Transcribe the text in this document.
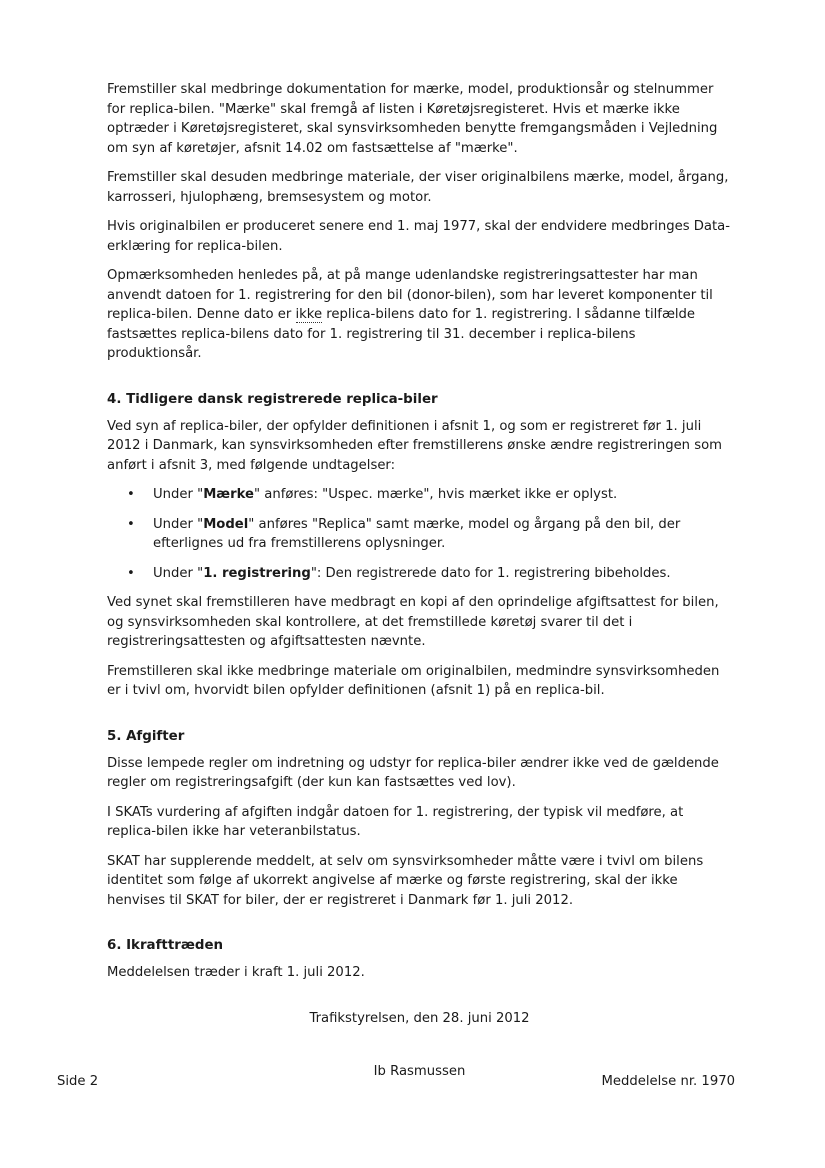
Fremstiller skal medbringe dokumentation for mærke, model, produktionsår og stelnummer for replica-bilen. "Mærke" skal fremgå af listen i Køretøjsregisteret. Hvis et mærke ikke optræder i Køretøjsregisteret, skal synsvirksomheden benytte fremgangsmåden i Vejledning om syn af køretøjer, afsnit 14.02 om fastsættelse af "mærke".

Fremstiller skal desuden medbringe materiale, der viser originalbilens mærke, model, årgang, karrosseri, hjulophæng, bremsesystem og motor.

Hvis originalbilen er produceret senere end 1. maj 1977, skal der endvidere medbringes Data-erklæring for replica-bilen.

Opmærksomheden henledes på, at på mange udenlandske registreringsattester har man anvendt datoen for 1. registrering for den bil (donor-bilen), som har leveret komponenter til replica-bilen. Denne dato er ikke replica-bilens dato for 1. registrering. I sådanne tilfælde fastsættes replica-bilens dato for 1. registrering til 31. december i replica-bilens produktionsår.

4. Tidligere dansk registrerede replica-biler

Ved syn af replica-biler, der opfylder definitionen i afsnit 1, og som er registreret før 1. juli 2012 i Danmark, kan synsvirksomheden efter fremstillerens ønske ændre registreringen som anført i afsnit 3, med følgende undtagelser:

• Under "Mærke" anføres: "Uspec. mærke", hvis mærket ikke er oplyst.
• Under "Model" anføres "Replica" samt mærke, model og årgang på den bil, der efterlignes ud fra fremstillerens oplysninger.
• Under "1. registrering": Den registrerede dato for 1. registrering bibeholdes.

Ved synet skal fremstilleren have medbragt en kopi af den oprindelige afgiftsattest for bilen, og synsvirksomheden skal kontrollere, at det fremstillede køretøj svarer til det i registreringsattesten og afgiftsattesten nævnte.

Fremstilleren skal ikke medbringe materiale om originalbilen, medmindre synsvirksomheden er i tvivl om, hvorvidt bilen opfylder definitionen (afsnit 1) på en replica-bil.

5. Afgifter

Disse lempede regler om indretning og udstyr for replica-biler ændrer ikke ved de gældende regler om registreringsafgift (der kun kan fastsættes ved lov).

I SKATs vurdering af afgiften indgår datoen for 1. registrering, der typisk vil medføre, at replica-bilen ikke har veteranbilstatus.

SKAT har supplerende meddelt, at selv om synsvirksomheder måtte være i tvivl om bilens identitet som følge af ukorrekt angivelse af mærke og første registrering, skal der ikke henvises til SKAT for biler, der er registreret i Danmark før 1. juli 2012.

6. Ikrafttræden

Meddelelsen træder i kraft 1. juli 2012.

Trafikstyrelsen, den 28. juni 2012
Ib Rasmussen
Side 2	Meddelelse nr. 1970
